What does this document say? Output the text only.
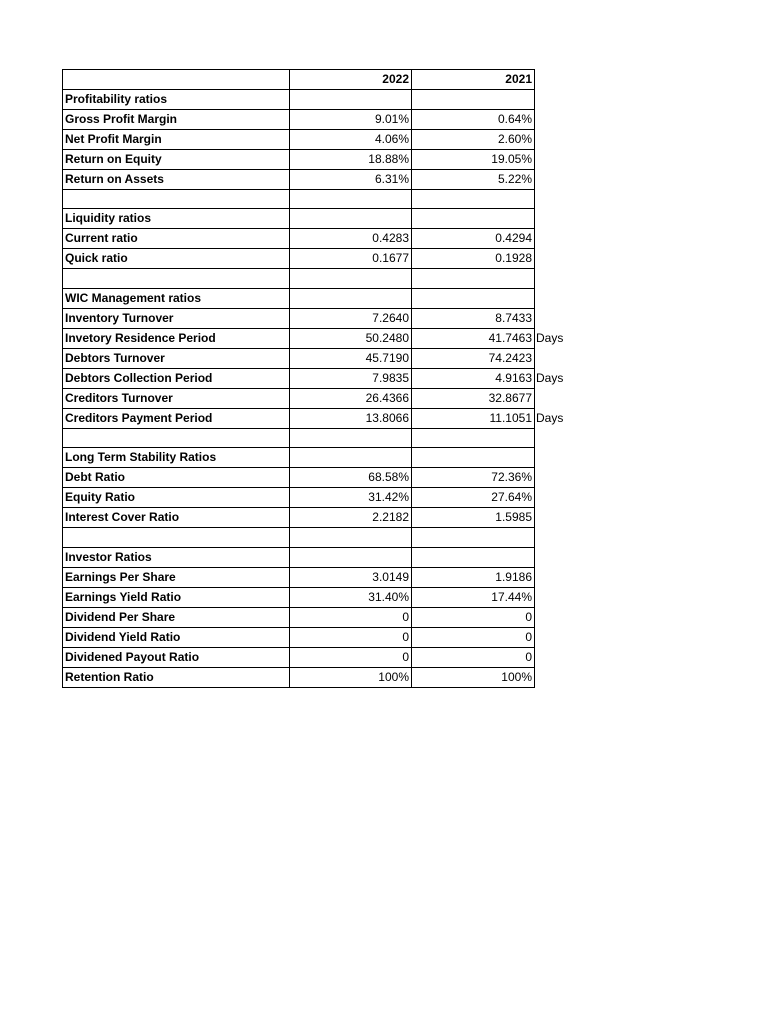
	2022	2021	
Profitability ratios			
Gross Profit Margin	9.01%	0.64%	
Net Profit Margin	4.06%	2.60%	
Return on Equity	18.88%	19.05%	
Return on Assets	6.31%	5.22%	

Liquidity ratios			
Current ratio	0.4283	0.4294	
Quick ratio	0.1677	0.1928	

WIC Management ratios			
Inventory Turnover	7.2640	8.7433	
Invetory Residence Period	50.2480	41.7463	Days
Debtors Turnover	45.7190	74.2423	
Debtors Collection Period	7.9835	4.9163	Days
Creditors Turnover	26.4366	32.8677	
Creditors Payment Period	13.8066	11.1051	Days

Long Term Stability Ratios			
Debt Ratio	68.58%	72.36%	
Equity Ratio	31.42%	27.64%	
Interest Cover Ratio	2.2182	1.5985	

Investor Ratios			
Earnings Per Share	3.0149	1.9186	
Earnings Yield Ratio	31.40%	17.44%	
Dividend Per Share	0	0	
Dividend Yield Ratio	0	0	
Dividened Payout Ratio	0	0	
Retention Ratio	100%	100%	
